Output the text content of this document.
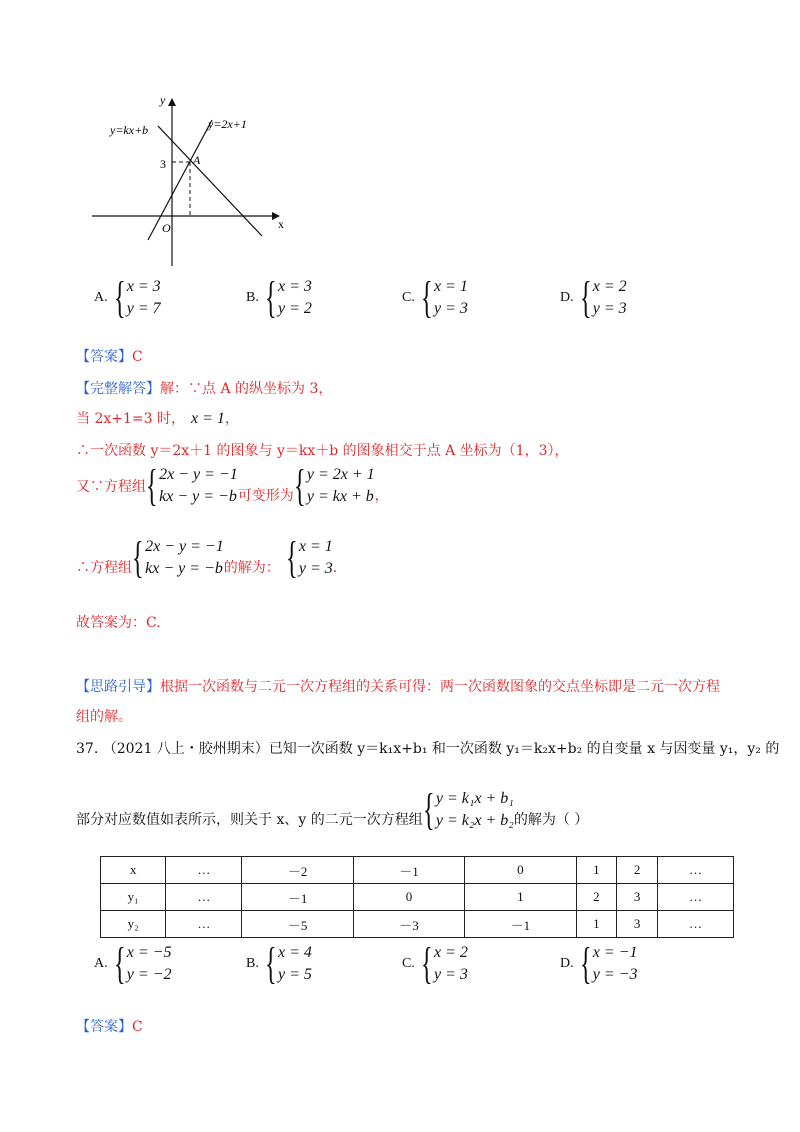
y
x
O
y=kx+b	y=2x+1
3 A
A. { x = 3
y = 7
B. { x = 3
y = 2
C. { x = 1
y = 3
D. { x = 2
y = 3
【答案】C
【完整解答】解：∵点 A 的纵坐标为 3，
当 2x+1=3 时， x = 1，
∴一次函数 y＝2x＋1 的图象与 y＝kx＋b 的图象相交于点 A 坐标为（1，3），
又∵方程组 { 2x − y = −1
kx − y = −b 可变形为 { y = 2x + 1
y = kx + b ，
∴方程组 { 2x − y = −1
kx − y = −b 的解为： { x = 1
y = 3 ．
故答案为：C.
【思路引导】根据一次函数与二元一次方程组的关系可得：两一次函数图象的交点坐标即是二元一次方程
组的解。
37. （2021 八上・胶州期末）已知一次函数 y＝k₁x+b₁ 和一次函数 y₁＝k₂x+b₂ 的自变量 x 与因变量 y₁，y₂ 的
部分对应数值如表所示，则关于 x、y 的二元一次方程组 { y = k₁x + b₁
y = k₂x + b₂ 的解为（ ）
x	…	－2	－1	0	1	2	…
y₁	…	－1	0	1	2	3	…
y₂	…	－5	－3	－1	1	3	…
A. { x = −5
y = −2
B. { x = 4
y = 5
C. { x = 2
y = 3
D. { x = −1
y = −3
【答案】C
